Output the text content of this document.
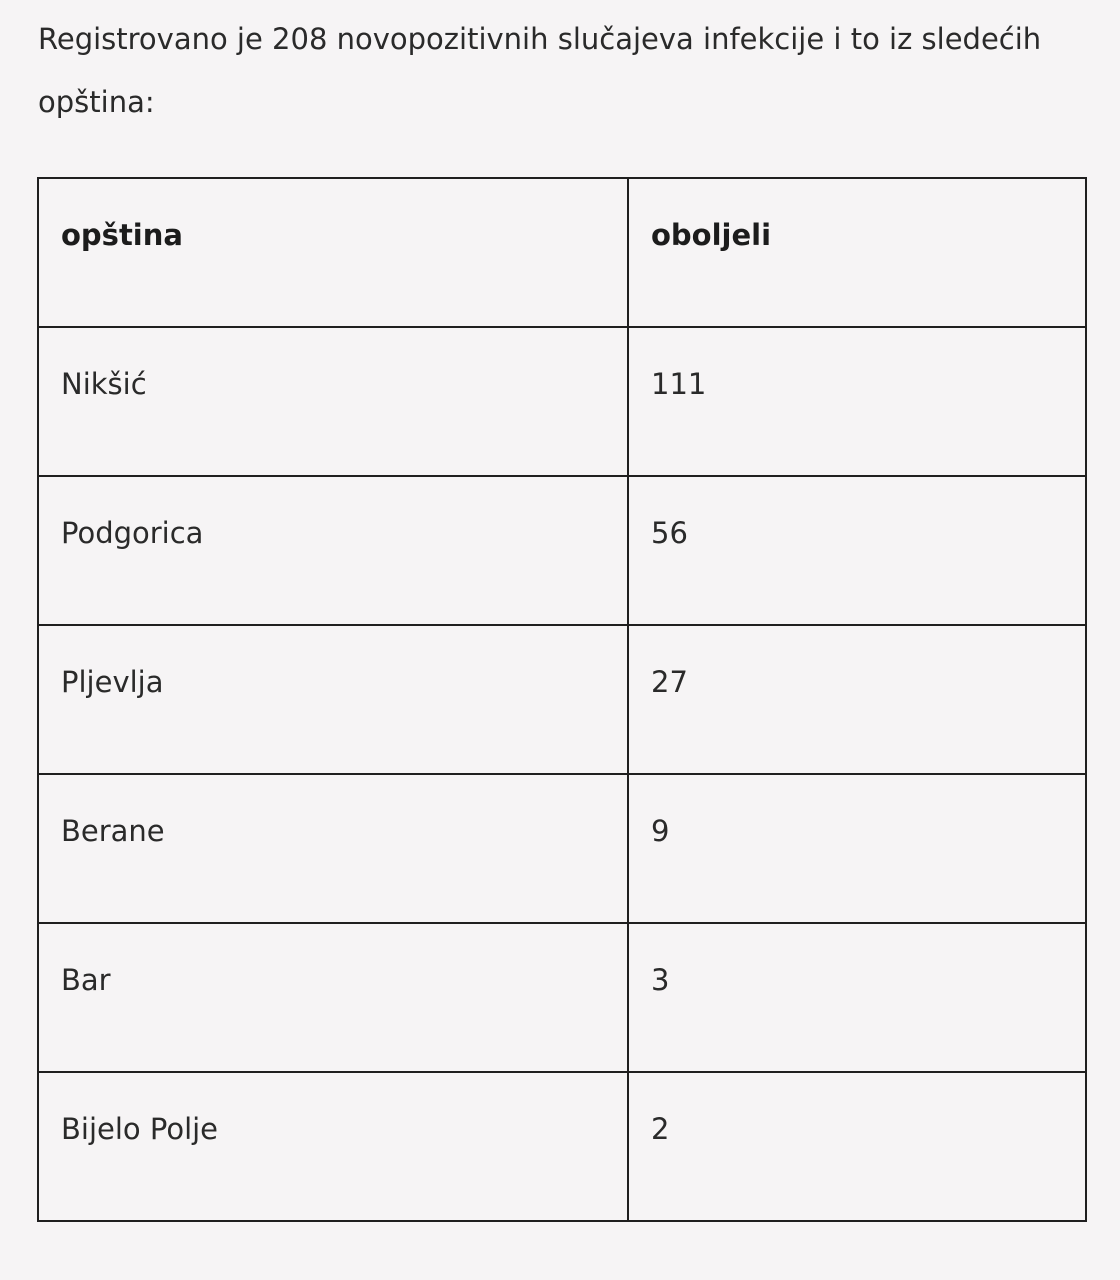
Registrovano je 208 novopozitivnih slučajeva infekcije i to iz sledećih opština:

opština	oboljeli
Nikšić	111
Podgorica	56
Pljevlja	27
Berane	9
Bar	3
Bijelo Polje	2
